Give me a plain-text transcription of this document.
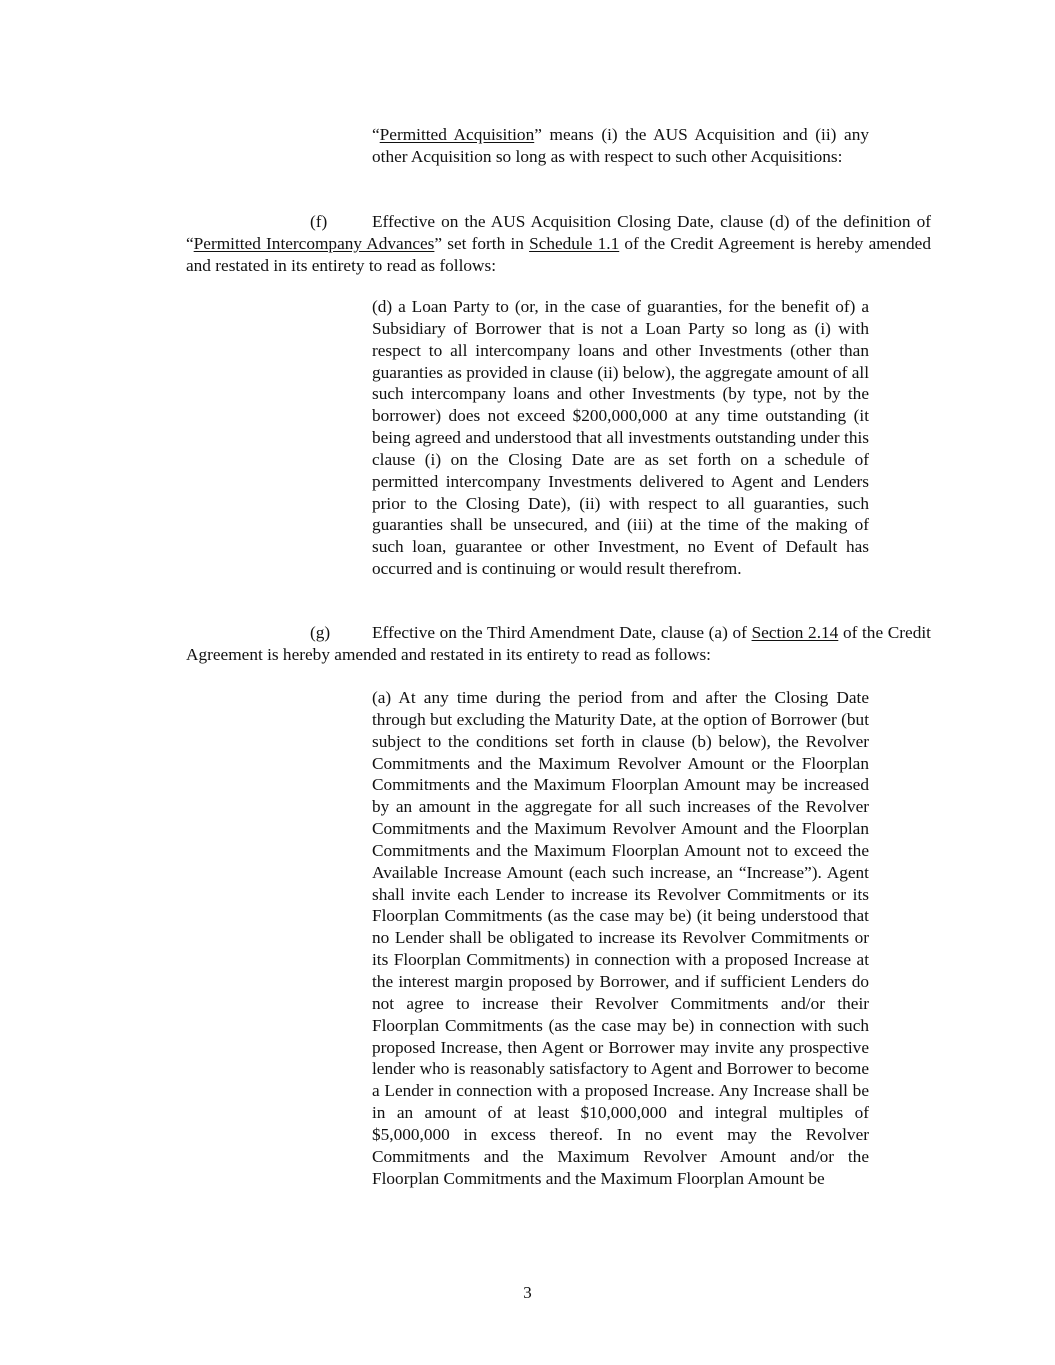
“Permitted Acquisition” means (i) the AUS Acquisition and (ii) any other Acquisition so long as with respect to such other Acquisitions:

(f)	Effective on the AUS Acquisition Closing Date, clause (d) of the definition of “Permitted Intercompany Advances” set forth in Schedule 1.1 of the Credit Agreement is hereby amended and restated in its entirety to read as follows:

(d) a Loan Party to (or, in the case of guaranties, for the benefit of) a Subsidiary of Borrower that is not a Loan Party so long as (i) with respect to all intercompany loans and other Investments (other than guaranties as provided in clause (ii) below), the aggregate amount of all such intercompany loans and other Investments (by type, not by the borrower) does not exceed $200,000,000 at any time outstanding (it being agreed and understood that all investments outstanding under this clause (i) on the Closing Date are as set forth on a schedule of permitted intercompany Investments delivered to Agent and Lenders prior to the Closing Date), (ii) with respect to all guaranties, such guaranties shall be unsecured, and (iii) at the time of the making of such loan, guarantee or other Investment, no Event of Default has occurred and is continuing or would result therefrom.

(g) Effective on the Third Amendment Date, clause (a) of Section 2.14 of the Credit Agreement is hereby amended and restated in its entirety to read as follows:

(a) At any time during the period from and after the Closing Date through but excluding the Maturity Date, at the option of Borrower (but subject to the conditions set forth in clause (b) below), the Revolver Commitments and the Maximum Revolver Amount or the Floorplan Commitments and the Maximum Floorplan Amount may be increased by an amount in the aggregate for all such increases of the Revolver Commitments and the Maximum Revolver Amount and the Floorplan Commitments and the Maximum Floorplan Amount not to exceed the Available Increase Amount (each such increase, an “Increase”). Agent shall invite each Lender to increase its Revolver Commitments or its Floorplan Commitments (as the case may be) (it being understood that no Lender shall be obligated to increase its Revolver Commitments or its Floorplan Commitments) in connection with a proposed Increase at the interest margin proposed by Borrower, and if sufficient Lenders do not agree to increase their Revolver Commitments and/or their Floorplan Commitments (as the case may be) in connection with such proposed Increase, then Agent or Borrower may invite any prospective lender who is reasonably satisfactory to Agent and Borrower to become a Lender in connection with a proposed Increase. Any Increase shall be in an amount of at least $10,000,000 and integral multiples of $5,000,000 in excess thereof. In no event may the Revolver Commitments and the Maximum Revolver Amount and/or the Floorplan Commitments and the Maximum Floorplan Amount be

3
